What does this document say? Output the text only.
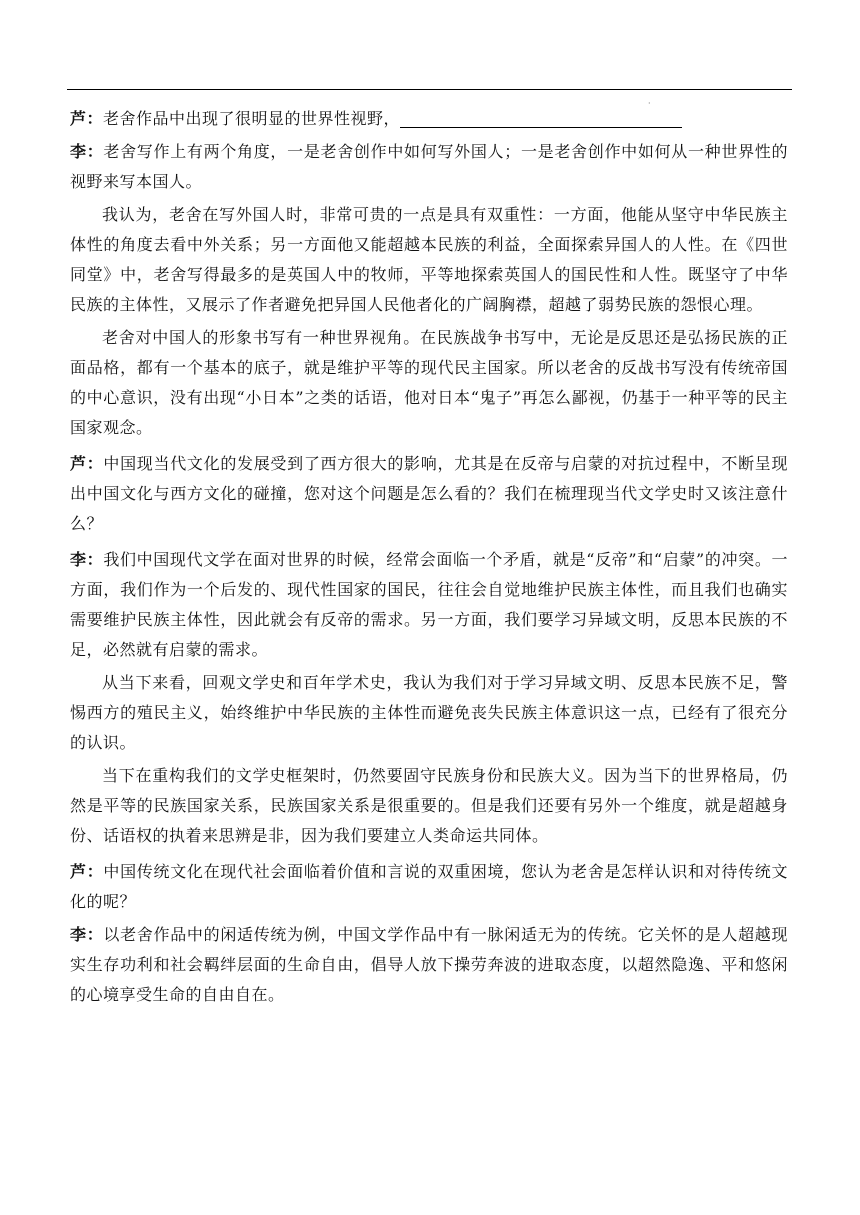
·

芦：老舍作品中出现了很明显的世界性视野，

李：老舍写作上有两个角度，一是老舍创作中如何写外国人；一是老舍创作中如何从一种世界性的视野来写本国人。

我认为，老舍在写外国人时，非常可贵的一点是具有双重性：一方面，他能从坚守中华民族主体性的角度去看中外关系；另一方面他又能超越本民族的利益，全面探索异国人的人性。在《四世同堂》中，老舍写得最多的是英国人中的牧师，平等地探索英国人的国民性和人性。既坚守了中华民族的主体性，又展示了作者避免把异国人民他者化的广阔胸襟，超越了弱势民族的怨恨心理。

老舍对中国人的形象书写有一种世界视角。在民族战争书写中，无论是反思还是弘扬民族的正面品格，都有一个基本的底子，就是维护平等的现代民主国家。所以老舍的反战书写没有传统帝国的中心意识，没有出现“小日本”之类的话语，他对日本“鬼子”再怎么鄙视，仍基于一种平等的民主国家观念。

芦：中国现当代文化的发展受到了西方很大的影响，尤其是在反帝与启蒙的对抗过程中，不断呈现出中国文化与西方文化的碰撞，您对这个问题是怎么看的？我们在梳理现当代文学史时又该注意什么？

李：我们中国现代文学在面对世界的时候，经常会面临一个矛盾，就是“反帝”和“启蒙”的冲突。一方面，我们作为一个后发的、现代性国家的国民，往往会自觉地维护民族主体性，而且我们也确实需要维护民族主体性，因此就会有反帝的需求。另一方面，我们要学习异域文明，反思本民族的不足，必然就有启蒙的需求。

从当下来看，回观文学史和百年学术史，我认为我们对于学习异域文明、反思本民族不足，警惕西方的殖民主义，始终维护中华民族的主体性而避免丧失民族主体意识这一点，已经有了很充分的认识。

当下在重构我们的文学史框架时，仍然要固守民族身份和民族大义。因为当下的世界格局，仍然是平等的民族国家关系，民族国家关系是很重要的。但是我们还要有另外一个维度，就是超越身份、话语权的执着来思辨是非，因为我们要建立人类命运共同体。

芦：中国传统文化在现代社会面临着价值和言说的双重困境，您认为老舍是怎样认识和对待传统文化的呢？

李：以老舍作品中的闲适传统为例，中国文学作品中有一脉闲适无为的传统。它关怀的是人超越现实生存功利和社会羁绊层面的生命自由，倡导人放下操劳奔波的进取态度，以超然隐逸、平和悠闲的心境享受生命的自由自在。
